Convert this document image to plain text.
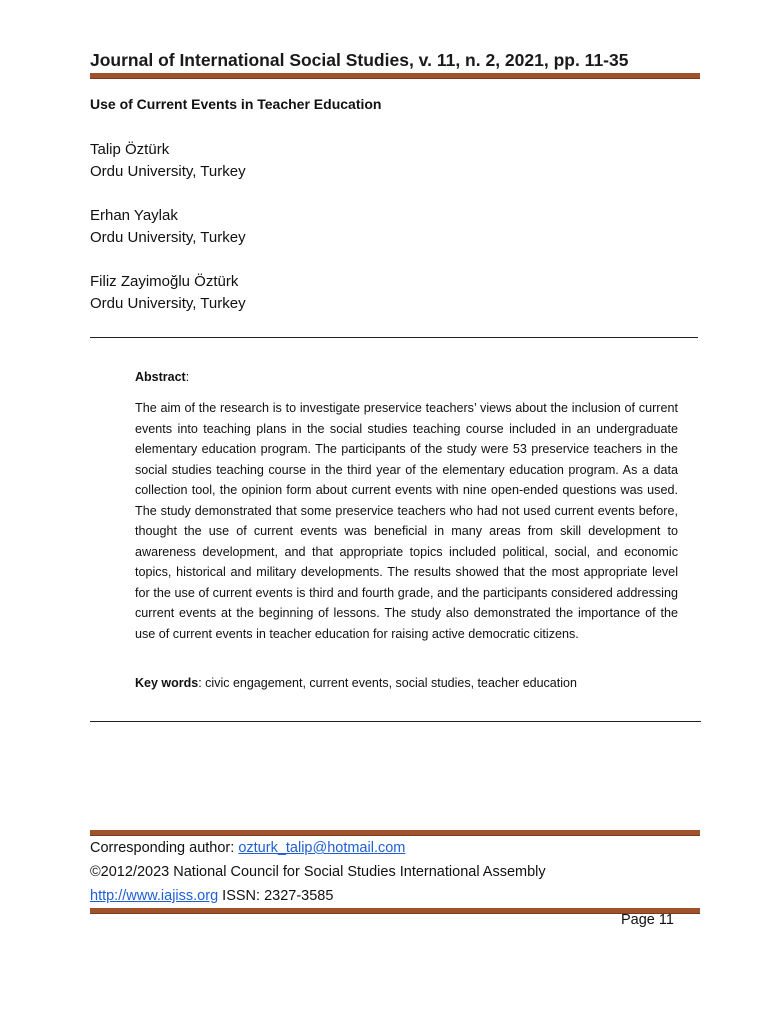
Journal of International Social Studies, v. 11, n. 2, 2021, pp. 11-35
Use of Current Events in Teacher Education
Talip Öztürk
Ordu University, Turkey
Erhan Yaylak
Ordu University, Turkey
Filiz Zayimoğlu Öztürk
Ordu University, Turkey
Abstract:
The aim of the research is to investigate preservice teachers’ views about the inclusion of current events into teaching plans in the social studies teaching course included in an undergraduate elementary education program. The participants of the study were 53 preservice teachers in the social studies teaching course in the third year of the elementary education program. As a data collection tool, the opinion form about current events with nine open-ended questions was used. The study demonstrated that some preservice teachers who had not used current events before, thought the use of current events was beneficial in many areas from skill development to awareness development, and that appropriate topics included political, social, and economic topics, historical and military developments. The results showed that the most appropriate level for the use of current events is third and fourth grade, and the participants considered addressing current events at the beginning of lessons. The study also demonstrated the importance of the use of current events in teacher education for raising active democratic citizens.
Key words: civic engagement, current events, social studies, teacher education
Corresponding author: ozturk_talip@hotmail.com
©2012/2023 National Council for Social Studies International Assembly
http://www.iajiss.org ISSN: 2327-3585
Page 11
